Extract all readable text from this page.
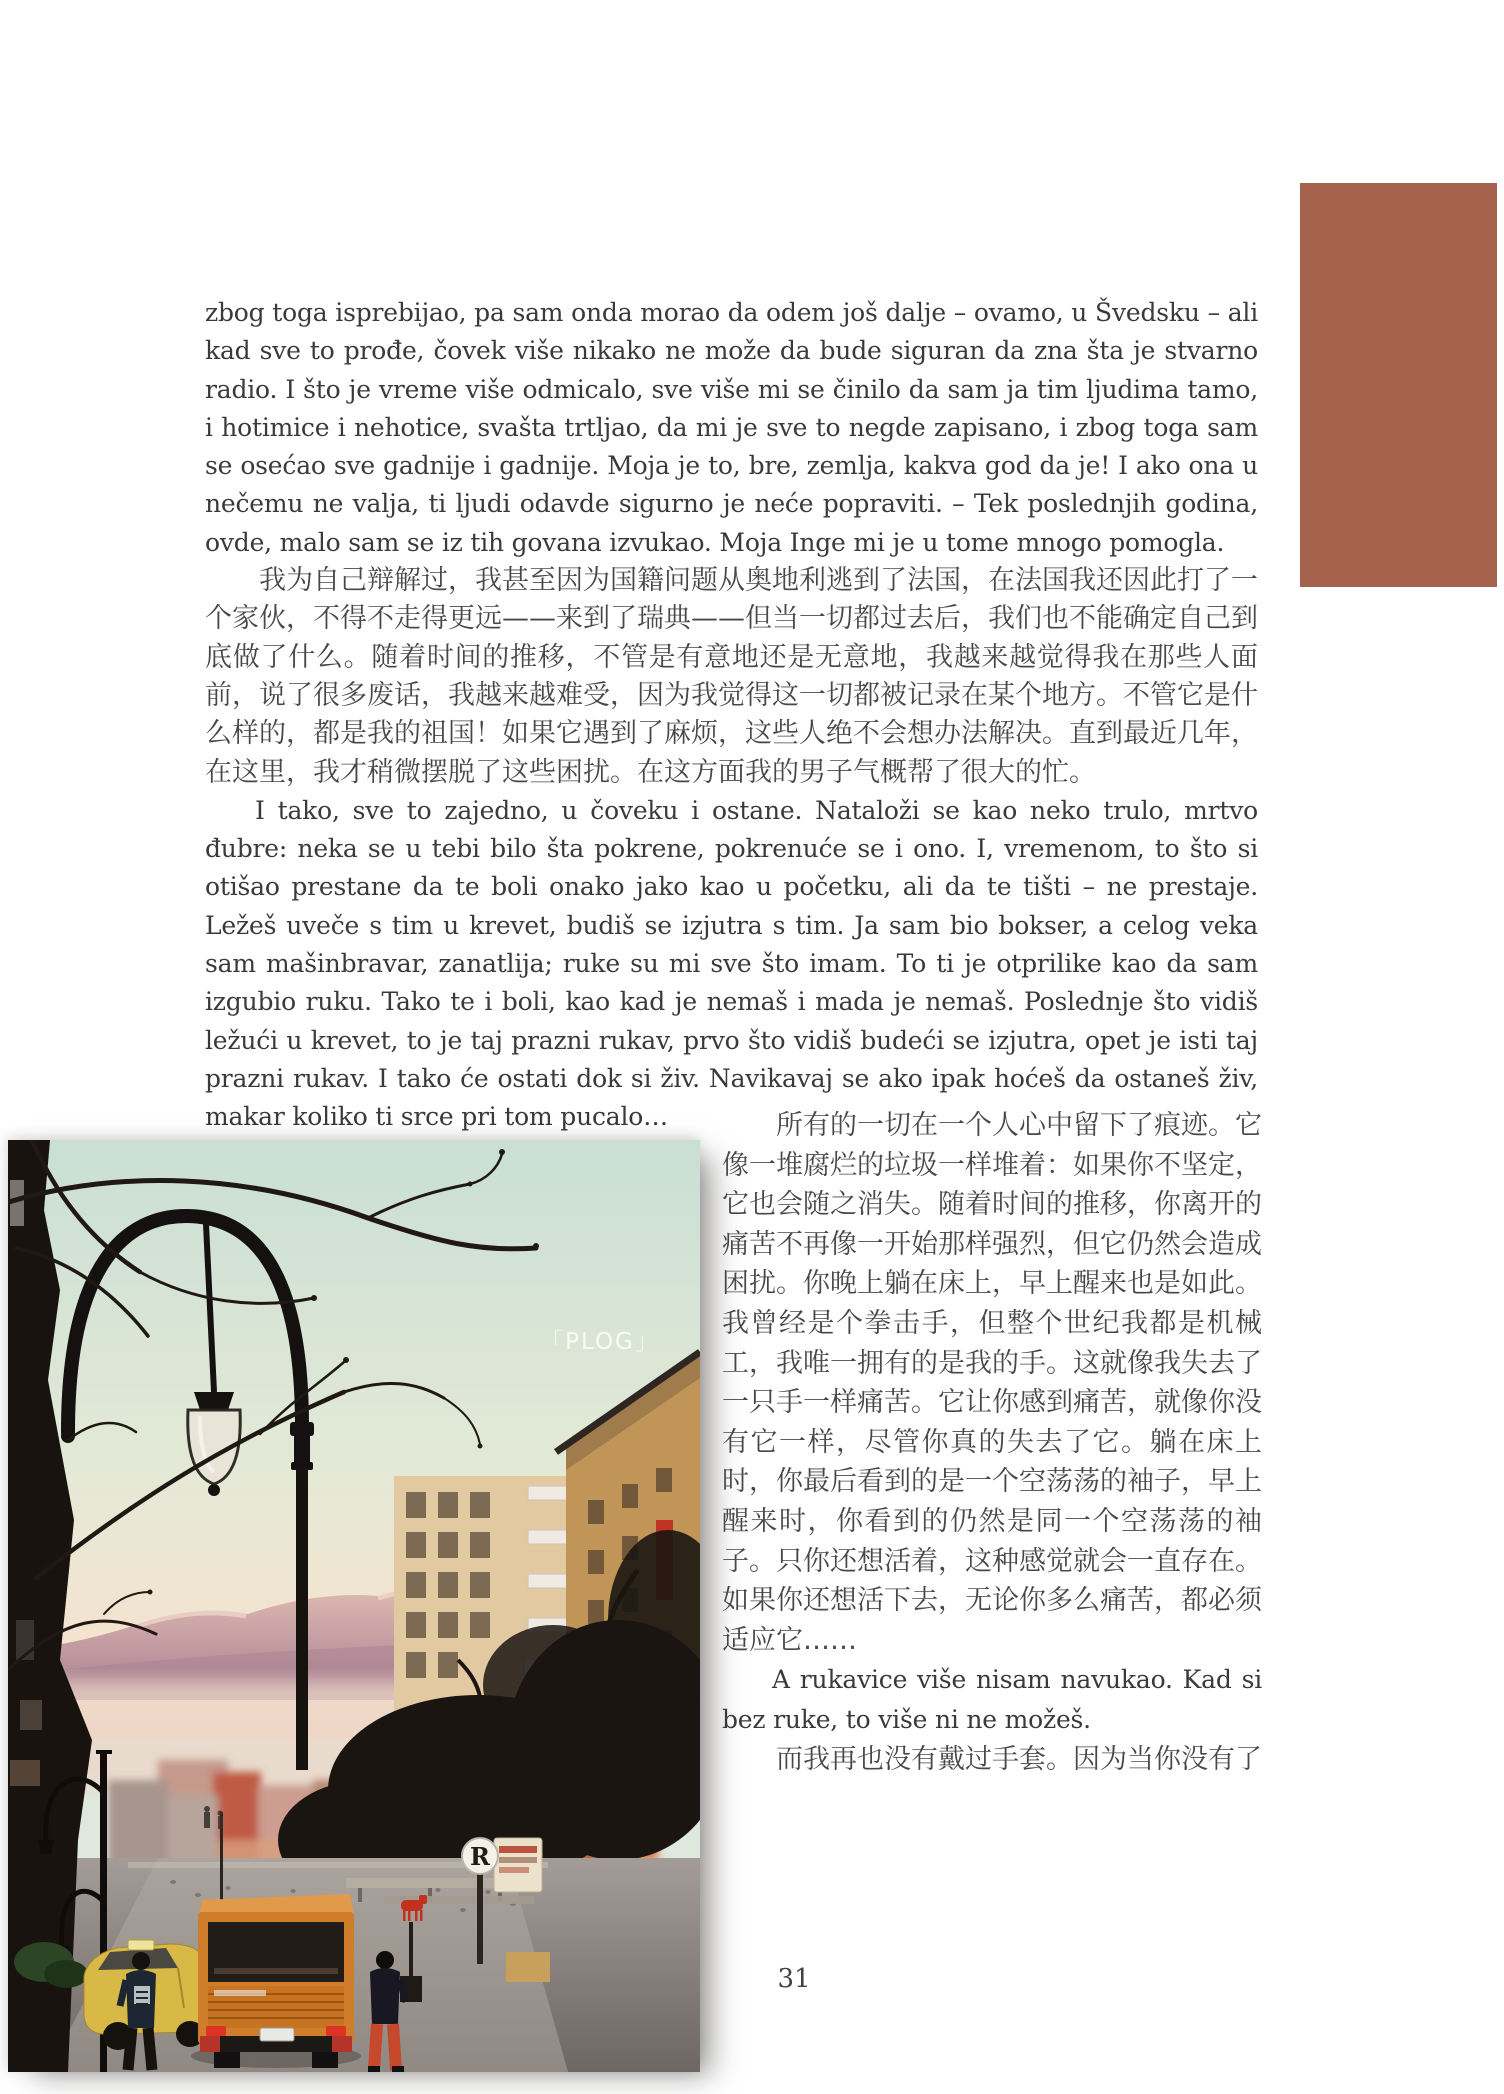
zbog toga isprebijao, pa sam onda morao da odem još dalje – ovamo, u Švedsku – ali kad sve to prođe, čovek više nikako ne može da bude siguran da zna šta je stvarno radio. I što je vreme više odmicalo, sve više mi se činilo da sam ja tim ljudima tamo, i hotimice i nehotice, svašta trtljao, da mi je sve to negde zapisano, i zbog toga sam se osećao sve gadnije i gadnije. Moja je to, bre, zemlja, kakva god da je! I ako ona u nečemu ne valja, ti ljudi odavde sigurno je neće popraviti. – Tek poslednjih godina, ovde, malo sam se iz tih govana izvukao. Moja Inge mi je u tome mnogo pomogla.

我为自己辩解过，我甚至因为国籍问题从奥地利逃到了法国，在法国我还因此打了一个家伙，不得不走得更远——来到了瑞典——但当一切都过去后，我们也不能确定自己到底做了什么。随着时间的推移，不管是有意地还是无意地，我越来越觉得我在那些人面前，说了很多废话，我越来越难受，因为我觉得这一切都被记录在某个地方。不管它是什么样的，都是我的祖国！如果它遇到了麻烦，这些人绝不会想办法解决。直到最近几年，在这里，我才稍微摆脱了这些困扰。在这方面我的男子气概帮了很大的忙。

I tako, sve to zajedno, u čoveku i ostane. Nataloži se kao neko trulo, mrtvo đubre: neka se u tebi bilo šta pokrene, pokrenuće se i ono. I, vremenom, to što si otišao prestane da te boli onako jako kao u početku, ali da te tišti – ne prestaje. Ležeš uveče s tim u krevet, budiš se izjutra s tim. Ja sam bio bokser, a celog veka sam mašinbravar, zanatlija; ruke su mi sve što imam. To ti je otprilike kao da sam izgubio ruku. Tako te i boli, kao kad je nemaš i mada je nemaš. Poslednje što vidiš ležući u krevet, to je taj prazni rukav, prvo što vidiš budeći se izjutra, opet je isti taj prazni rukav. I tako će ostati dok si živ. Navikavaj se ako ipak hoćeš da ostaneš živ, makar koliko ti srce pri tom pucalo…

R
「PLOG」

所有的一切在一个人心中留下了痕迹。它像一堆腐烂的垃圾一样堆着：如果你不坚定，它也会随之消失。随着时间的推移，你离开的痛苦不再像一开始那样强烈，但它仍然会造成困扰。你晚上躺在床上，早上醒来也是如此。我曾经是个拳击手，但整个世纪我都是机械工，我唯一拥有的是我的手。这就像我失去了一只手一样痛苦。它让你感到痛苦，就像你没有它一样，尽管你真的失去了它。躺在床上时，你最后看到的是一个空荡荡的袖子，早上醒来时，你看到的仍然是同一个空荡荡的袖子。只你还想活着，这种感觉就会一直存在。如果你还想活下去，无论你多么痛苦，都必须适应它……

A rukavice više nisam navukao. Kad si bez ruke, to više ni ne možeš.

而我再也没有戴过手套。因为当你没有了

31
